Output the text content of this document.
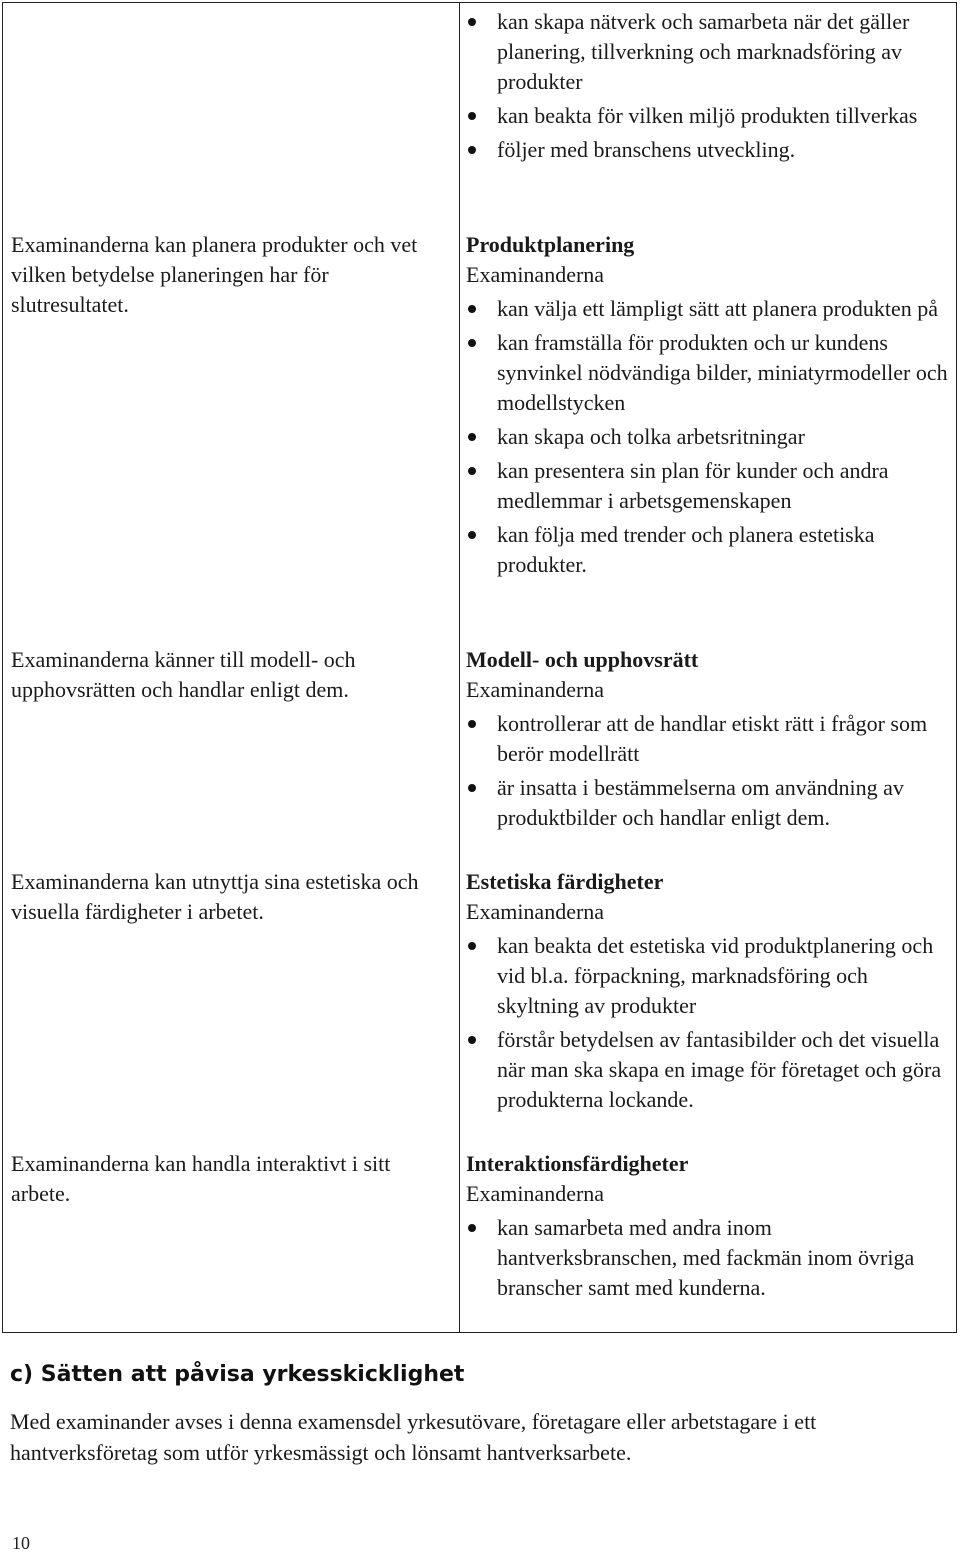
kan skapa nätverk och samarbeta när det gäller planering, tillverkning och marknadsföring av produkter
kan beakta för vilken miljö produkten tillverkas
följer med branschens utveckling.
Examinanderna kan planera produkter och vet vilken betydelse planeringen har för slutresultatet.

Produktplanering

Examinanderna

kan välja ett lämpligt sätt att planera produkten på
kan framställa för produkten och ur kundens synvinkel nödvändiga bilder, miniatyrmodeller och modellstycken
kan skapa och tolka arbetsritningar
kan presentera sin plan för kunder och andra medlemmar i arbetsgemenskapen
kan följa med trender och planera estetiska produkter.
Examinanderna känner till modell- och upphovsrätten och handlar enligt dem.

Modell- och upphovsrätt

Examinanderna

kontrollerar att de handlar etiskt rätt i frågor som berör modellrätt
är insatta i bestämmelserna om användning av produktbilder och handlar enligt dem.
Examinanderna kan utnyttja sina estetiska och visuella färdigheter i arbetet.

Estetiska färdigheter

Examinanderna

kan beakta det estetiska vid produktplanering och vid bl.a. förpackning, marknadsföring och skyltning av produkter
förstår betydelsen av fantasibilder och det visuella när man ska skapa en image för företaget och göra produkterna lockande.
Examinanderna kan handla interaktivt i sitt arbete.

Interaktionsfärdigheter

Examinanderna

kan samarbeta med andra inom hantverksbranschen, med fackmän inom övriga branscher samt med kunderna.
c) Sätten att påvisa yrkesskicklighet
Med examinander avses i denna examensdel yrkesutövare, företagare eller arbetstagare i ett hantverksföretag som utför yrkesmässigt och lönsamt hantverksarbete.
10
